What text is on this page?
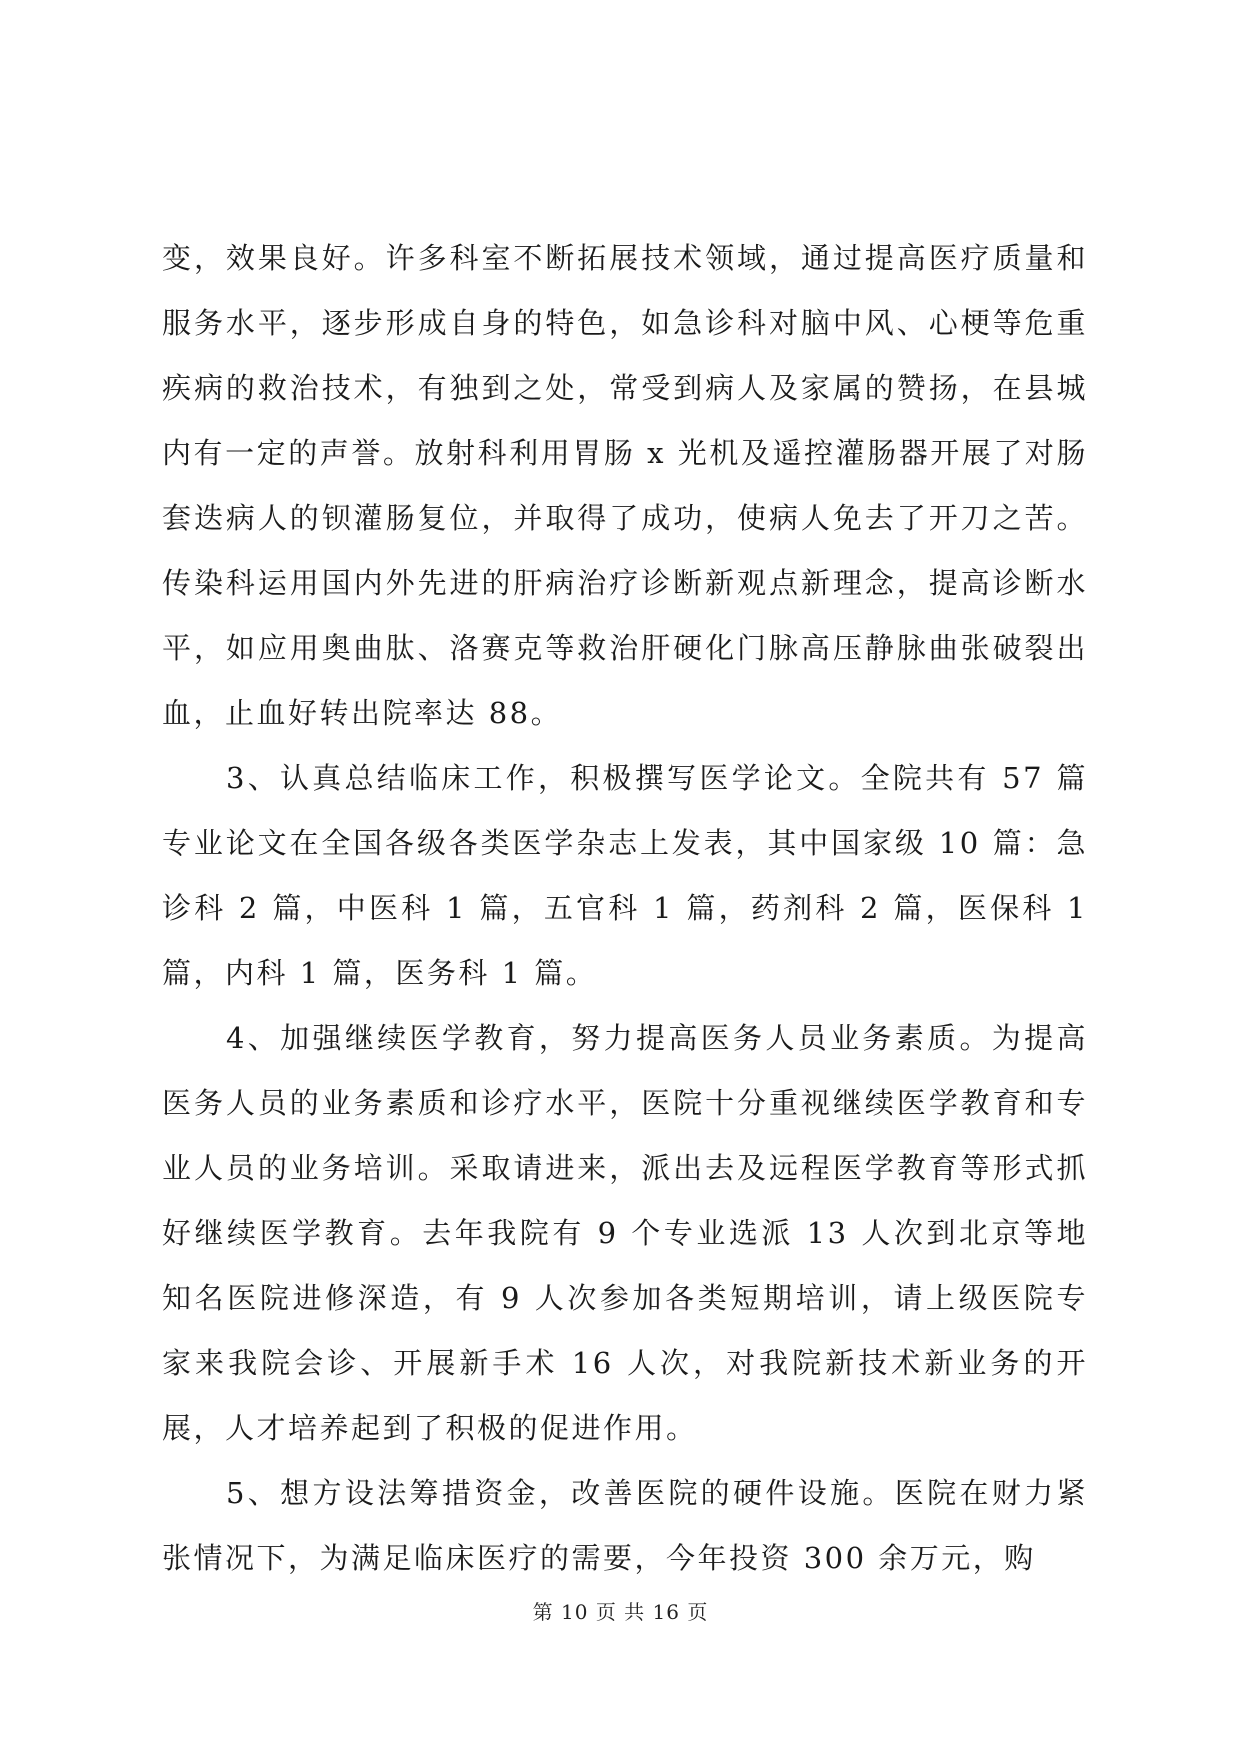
变，效果良好。许多科室不断拓展技术领域，通过提高医疗质量和服务水平，逐步形成自身的特色，如急诊科对脑中风、心梗等危重疾病的救治技术，有独到之处，常受到病人及家属的赞扬，在县城内有一定的声誉。放射科利用胃肠 x 光机及遥控灌肠器开展了对肠套迭病人的钡灌肠复位，并取得了成功，使病人免去了开刀之苦。传染科运用国内外先进的肝病治疗诊断新观点新理念，提高诊断水平，如应用奥曲肽、洛赛克等救治肝硬化门脉高压静脉曲张破裂出血，止血好转出院率达 88。

3、认真总结临床工作，积极撰写医学论文。全院共有 57 篇专业论文在全国各级各类医学杂志上发表，其中国家级 10 篇：急诊科 2 篇，中医科 1 篇，五官科 1 篇，药剂科 2 篇，医保科 1 篇，内科 1 篇，医务科 1 篇。

4、加强继续医学教育，努力提高医务人员业务素质。为提高医务人员的业务素质和诊疗水平，医院十分重视继续医学教育和专业人员的业务培训。采取请进来，派出去及远程医学教育等形式抓好继续医学教育。去年我院有 9 个专业选派 13 人次到北京等地知名医院进修深造，有 9 人次参加各类短期培训，请上级医院专家来我院会诊、开展新手术 16 人次，对我院新技术新业务的开展，人才培养起到了积极的促进作用。

5、想方设法筹措资金，改善医院的硬件设施。医院在财力紧张情况下，为满足临床医疗的需要，今年投资 300 余万元，购

第 10 页 共 16 页
